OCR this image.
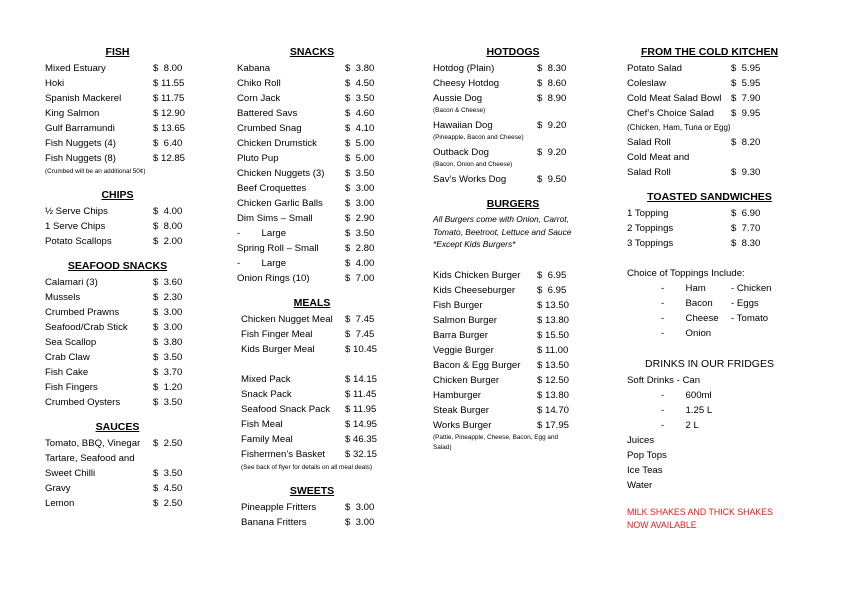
FISH
Mixed Estuary	$  8.00
Hoki	$ 11.55
Spanish Mackerel	$ 11.75
King Salmon	$ 12.90
Gulf Barramundi	$ 13.65
Fish Nuggets (4)	$  6.40
Fish Nuggets (8)	$ 12.85
(Crumbed will be an additional 50¢)
CHIPS
½ Serve Chips	$  4.00
1 Serve Chips	$  8.00
Potato Scallops	$  2.00
SEAFOOD SNACKS
Calamari (3)	$  3.60
Mussels	$  2.30
Crumbed Prawns	$  3.00
Seafood/Crab Stick	$  3.00
Sea Scallop	$  3.80
Crab Claw	$  3.50
Fish Cake	$  3.70
Fish Fingers	$  1.20
Crumbed Oysters	$  3.50
SAUCES
Tomato, BBQ, Vinegar $  2.50
Tartare, Seafood and
Sweet Chilli	$  3.50
Gravy	$  4.50
Lemon	$  2.50
SNACKS
Kabana	$  3.80
Chiko Roll	$  4.50
Corn Jack	$  3.50
Battered Savs	$  4.60
Crumbed Snag	$  4.10
Chicken Drumstick	$  5.00
Pluto Pup	$  5.00
Chicken Nuggets (3) $  3.50
Beef Croquettes	$  3.00
Chicken Garlic Balls $  3.00
Dim Sims – Small	$  2.90
-        Large	$  3.50
Spring Roll – Small	$  2.80
-        Large	$  4.00
Onion Rings (10)	$  7.00
MEALS
Chicken Nugget Meal $  7.45
Fish Finger Meal	$  7.45
Kids Burger Meal	$ 10.45
Mixed Pack	$ 14.15
Snack Pack	$ 11.45
Seafood Snack Pack $ 11.95
Fish Meal	$ 14.95
Family Meal	$ 46.35
Fishermen’s Basket $ 32.15
(See back of flyer for details on all meal deals)
SWEETS
Pineapple Fritters	$  3.00
Banana Fritters	$  3.00
HOTDOGS
Hotdog (Plain)	$  8.30
Cheesy Hotdog	$  8.60
Aussie Dog	$  8.90
(Bacon & Cheese)
Hawaiian Dog	$  9.20
(Pineapple, Bacon and Cheese)
Outback Dog	$  9.20
(Bacon, Onion and Cheese)
Sav’s Works Dog	$  9.50
BURGERS
All Burgers come with Onion, Carrot,
Tomato, Beetroot, Lettuce and Sauce
*Except Kids Burgers*
Kids Chicken Burger $  6.95
Kids Cheeseburger $  6.95
Fish Burger	$ 13.50
Salmon Burger	$ 13.80
Barra Burger	$ 15.50
Veggie Burger	$ 11.00
Bacon & Egg Burger $ 13.50
Chicken Burger	$ 12.50
Hamburger	$ 13.80
Steak Burger	$ 14.70
Works Burger	$ 17.95
(Pattie, Pineapple, Cheese, Bacon, Egg and
Salad)
FROM THE COLD KITCHEN
Potato Salad	$  5.95
Coleslaw	$  5.95
Cold Meat Salad Bowl $  7.90
Chef’s Choice Salad $  9.95
(Chicken, Ham, Tuna or Egg)
Salad Roll	$  8.20
Cold Meat and
Salad Roll	$  9.30
TOASTED SANDWICHES
1 Topping	$  6.90
2 Toppings	$  7.70
3 Toppings	$  8.30
Choice of Toppings Include:
-        Ham	- Chicken
-        Bacon - Eggs
-        Cheese - Tomato
-        Onion
DRINKS IN OUR FRIDGES
Soft Drinks - Can
-        600ml
-        1.25 L
-        2 L
Juices
Pop Tops
Ice Teas
Water
MILK SHAKES AND THICK SHAKES
NOW AVAILABLE
